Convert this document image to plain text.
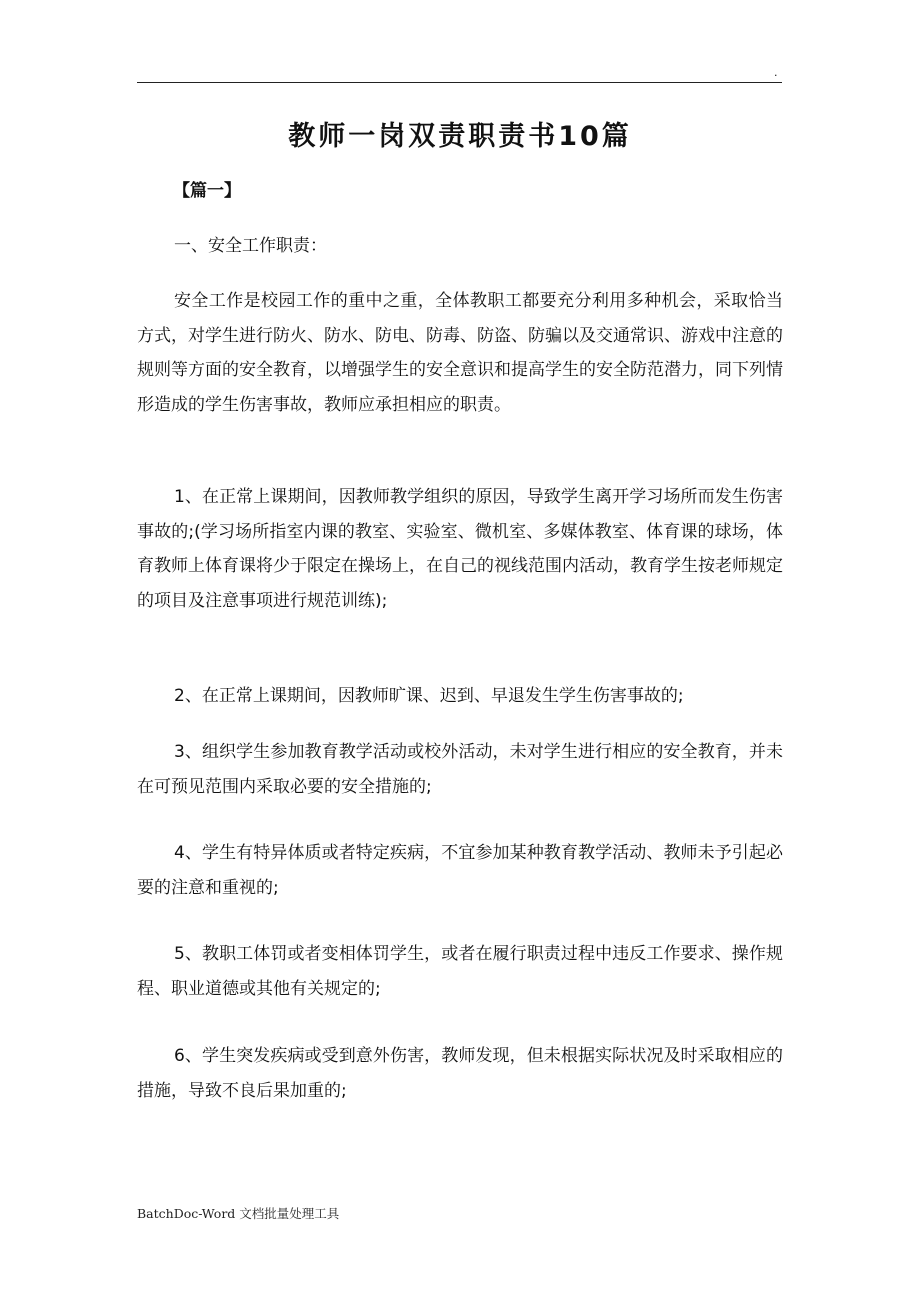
.
教师一岗双责职责书10篇
【篇一】

一、安全工作职责：

安全工作是校园工作的重中之重，全体教职工都要充分利用多种机会，采取恰当方式，对学生进行防火、防水、防电、防毒、防盗、防骗以及交通常识、游戏中注意的规则等方面的安全教育，以增强学生的安全意识和提高学生的安全防范潜力，同下列情形造成的学生伤害事故，教师应承担相应的职责。

1、在正常上课期间，因教师教学组织的原因，导致学生离开学习场所而发生伤害事故的;(学习场所指室内课的教室、实验室、微机室、多媒体教室、体育课的球场，体育教师上体育课将少于限定在操场上，在自己的视线范围内活动，教育学生按老师规定的项目及注意事项进行规范训练);

2、在正常上课期间，因教师旷课、迟到、早退发生学生伤害事故的;

3、组织学生参加教育教学活动或校外活动，未对学生进行相应的安全教育，并未在可预见范围内采取必要的安全措施的;

4、学生有特异体质或者特定疾病，不宜参加某种教育教学活动、教师未予引起必要的注意和重视的;

5、教职工体罚或者变相体罚学生，或者在履行职责过程中违反工作要求、操作规程、职业道德或其他有关规定的;

6、学生突发疾病或受到意外伤害，教师发现，但未根据实际状况及时采取相应的措施，导致不良后果加重的;

BatchDoc-Word 文档批量处理工具
